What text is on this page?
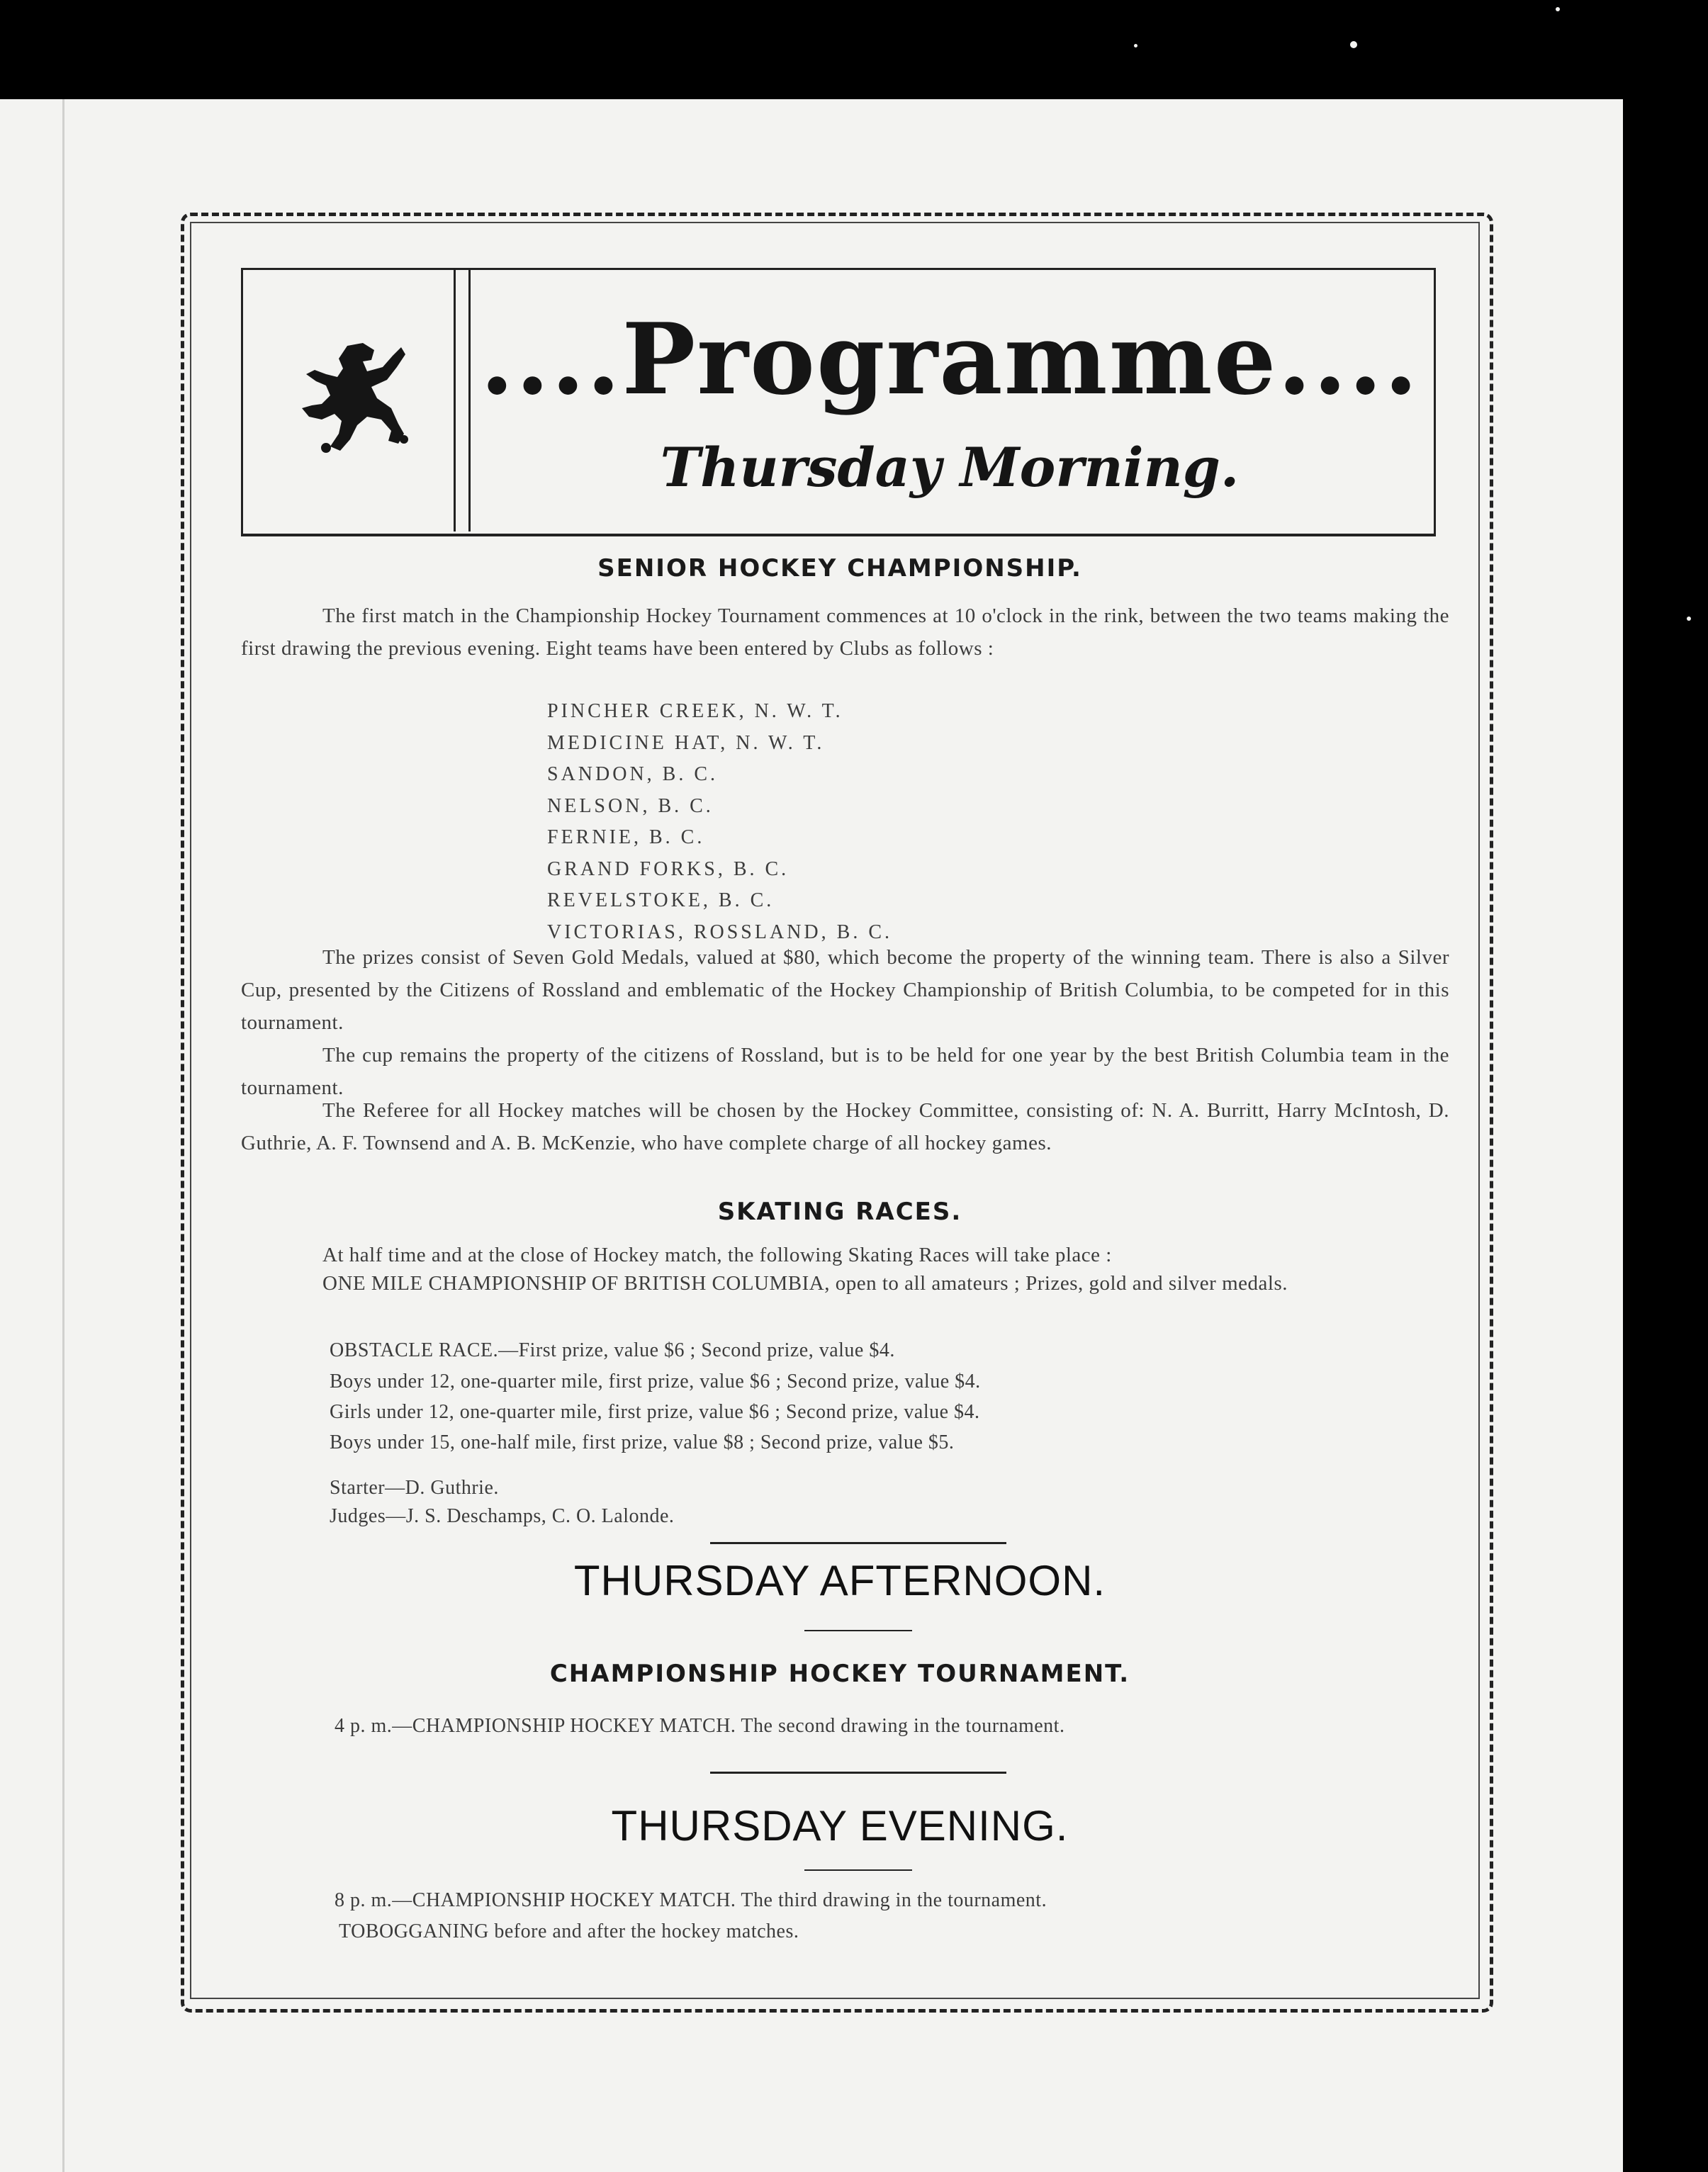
....Programme....
Thursday Morning.
SENIOR HOCKEY CHAMPIONSHIP.
The first match in the Championship Hockey Tournament commences at 10 o'clock in the rink, between the two teams making the first drawing the previous evening. Eight teams have been entered by Clubs as follows :
PINCHER CREEK, N. W. T.
MEDICINE HAT, N. W. T.
SANDON, B. C.
NELSON, B. C.
FERNIE, B. C.
GRAND FORKS, B. C.
REVELSTOKE, B. C.
VICTORIAS, ROSSLAND, B. C.
The prizes consist of Seven Gold Medals, valued at $80, which become the property of the winning team. There is also a Silver Cup, presented by the Citizens of Rossland and emblematic of the Hockey Championship of British Columbia, to be competed for in this tournament.
The cup remains the property of the citizens of Rossland, but is to be held for one year by the best British Columbia team in the tournament.
The Referee for all Hockey matches will be chosen by the Hockey Committee, consisting of: N. A. Burritt, Harry McIntosh, D. Guthrie, A. F. Townsend and A. B. McKenzie, who have complete charge of all hockey games.
SKATING RACES.
At half time and at the close of Hockey match, the following Skating Races will take place :
ONE MILE CHAMPIONSHIP OF BRITISH COLUMBIA, open to all amateurs ; Prizes, gold and silver medals.
OBSTACLE RACE.—First prize, value $6 ; Second prize, value $4.
Boys under 12, one-quarter mile, first prize, value $6 ; Second prize, value $4.
Girls under 12, one-quarter mile, first prize, value $6 ; Second prize, value $4.
Boys under 15, one-half mile, first prize, value $8 ; Second prize, value $5.
Starter—D. Guthrie.
Judges—J. S. Deschamps, C. O. Lalonde.
THURSDAY AFTERNOON.
CHAMPIONSHIP HOCKEY TOURNAMENT.
4 p. m.—CHAMPIONSHIP HOCKEY MATCH. The second drawing in the tournament.
THURSDAY EVENING.
8 p. m.—CHAMPIONSHIP HOCKEY MATCH. The third drawing in the tournament.
TOBOGGANING before and after the hockey matches.
